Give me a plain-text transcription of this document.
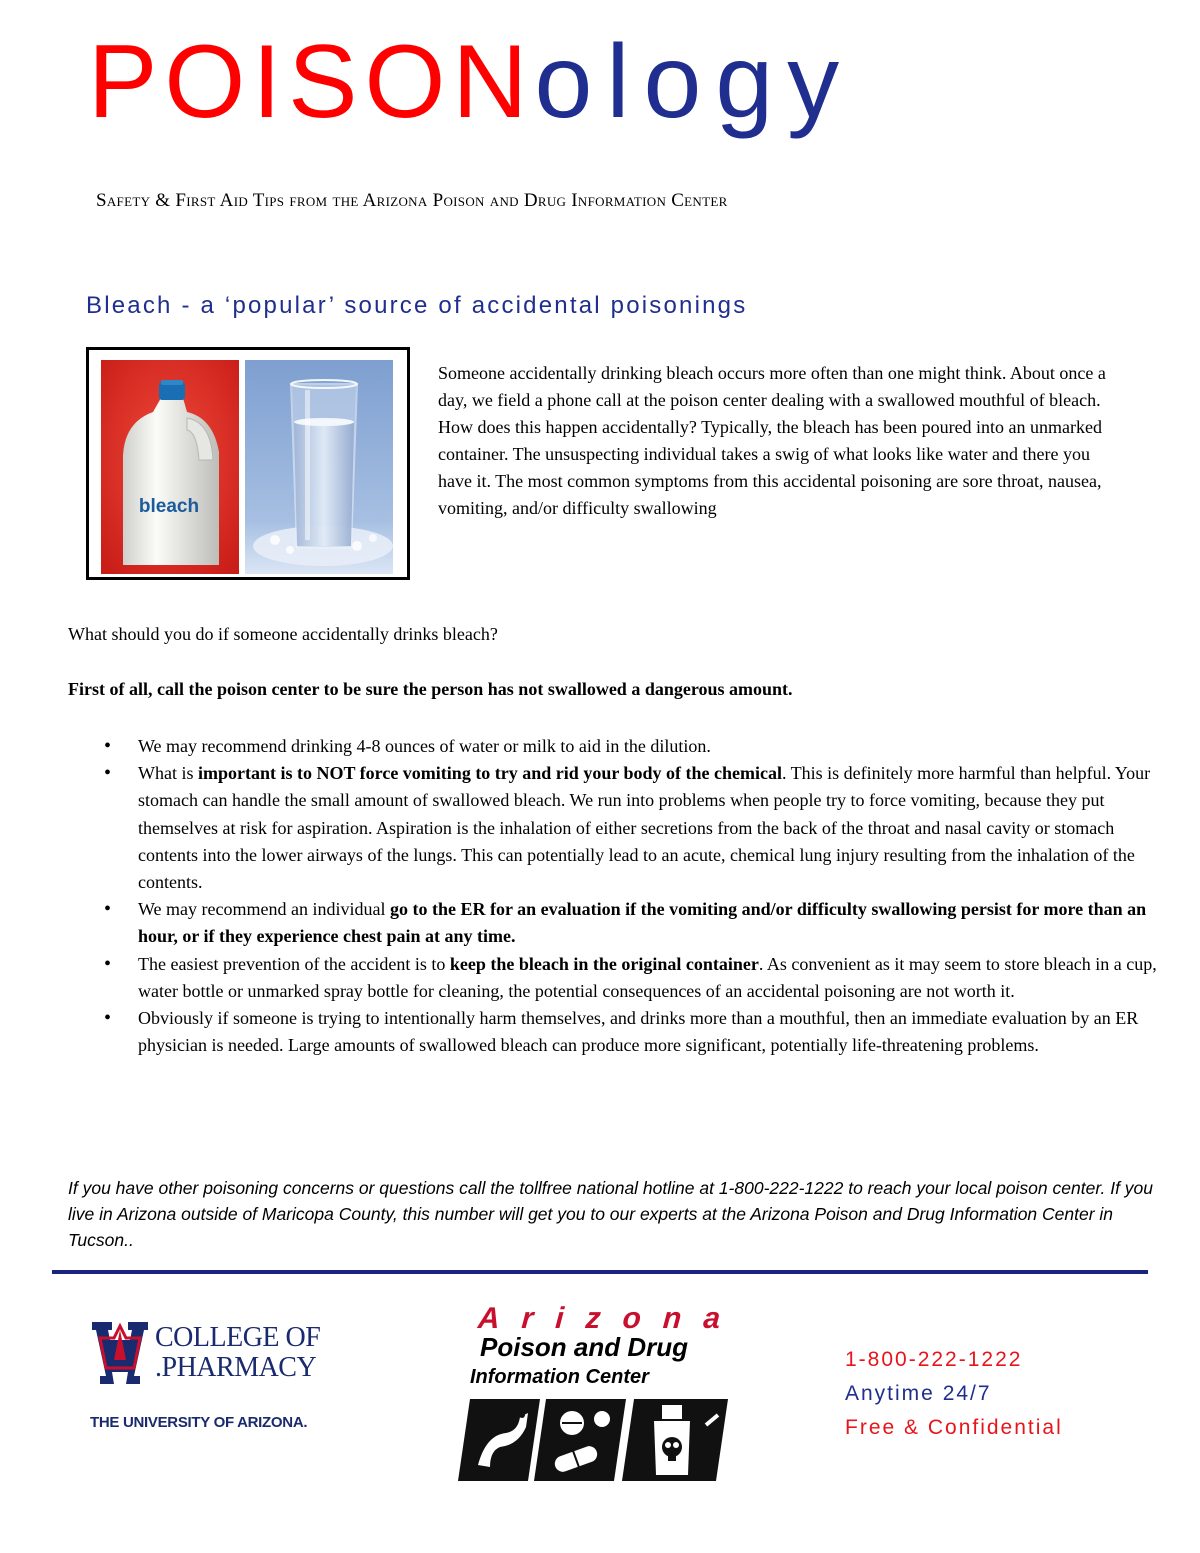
POISONology
Safety & First Aid Tips from the Arizona Poison and Drug Information Center
Bleach - a ‘popular’ source of accidental poisonings
bleach

Someone accidentally drinking bleach occurs more often than one might think. About once a day, we field a phone call at the poison center dealing with a swallowed mouthful of bleach. How does this happen accidentally? Typically, the bleach has been poured into an unmarked container. The unsuspecting individual takes a swig of what looks like water and there you have it. The most common symptoms from this accidental poisoning are sore throat, nausea, vomiting, and/or difficulty swallowing

What should you do if someone accidentally drinks bleach?
First of all, call the poison center to be sure the person has not swallowed a dangerous amount.
• We may recommend drinking 4-8 ounces of water or milk to aid in the dilution.
• What is important is to NOT force vomiting to try and rid your body of the chemical. This is definitely more harmful than helpful. Your stomach can handle the small amount of swallowed bleach. We run into problems when people try to force vomiting, because they put themselves at risk for aspiration. Aspiration is the inhalation of either secretions from the back of the throat and nasal cavity or stomach contents into the lower airways of the lungs. This can potentially lead to an acute, chemical lung injury resulting from the inhalation of the contents.
• We may recommend an individual go to the ER for an evaluation if the vomiting and/or difficulty swallowing persist for more than an hour, or if they experience chest pain at any time.
• The easiest prevention of the accident is to keep the bleach in the original container. As convenient as it may seem to store bleach in a cup, water bottle or unmarked spray bottle for cleaning, the potential consequences of an accidental poisoning are not worth it.
• Obviously if someone is trying to intentionally harm themselves, and drinks more than a mouthful, then an immediate evaluation by an ER physician is needed. Large amounts of swallowed bleach can produce more significant, potentially life-threatening problems.
If you have other poisoning concerns or questions call the tollfree national hotline at 1-800-222-1222 to reach your local poison center. If you live in Arizona outside of Maricopa County, this number will get you to our experts at the Arizona Poison and Drug Information Center in Tucson..
COLLEGE OF
.PHARMACY
THE UNIVERSITY OF ARIZONA.
Arizona
Poison and Drug
Information Center
1-800-222-1222
Anytime 24/7
Free & Confidential
